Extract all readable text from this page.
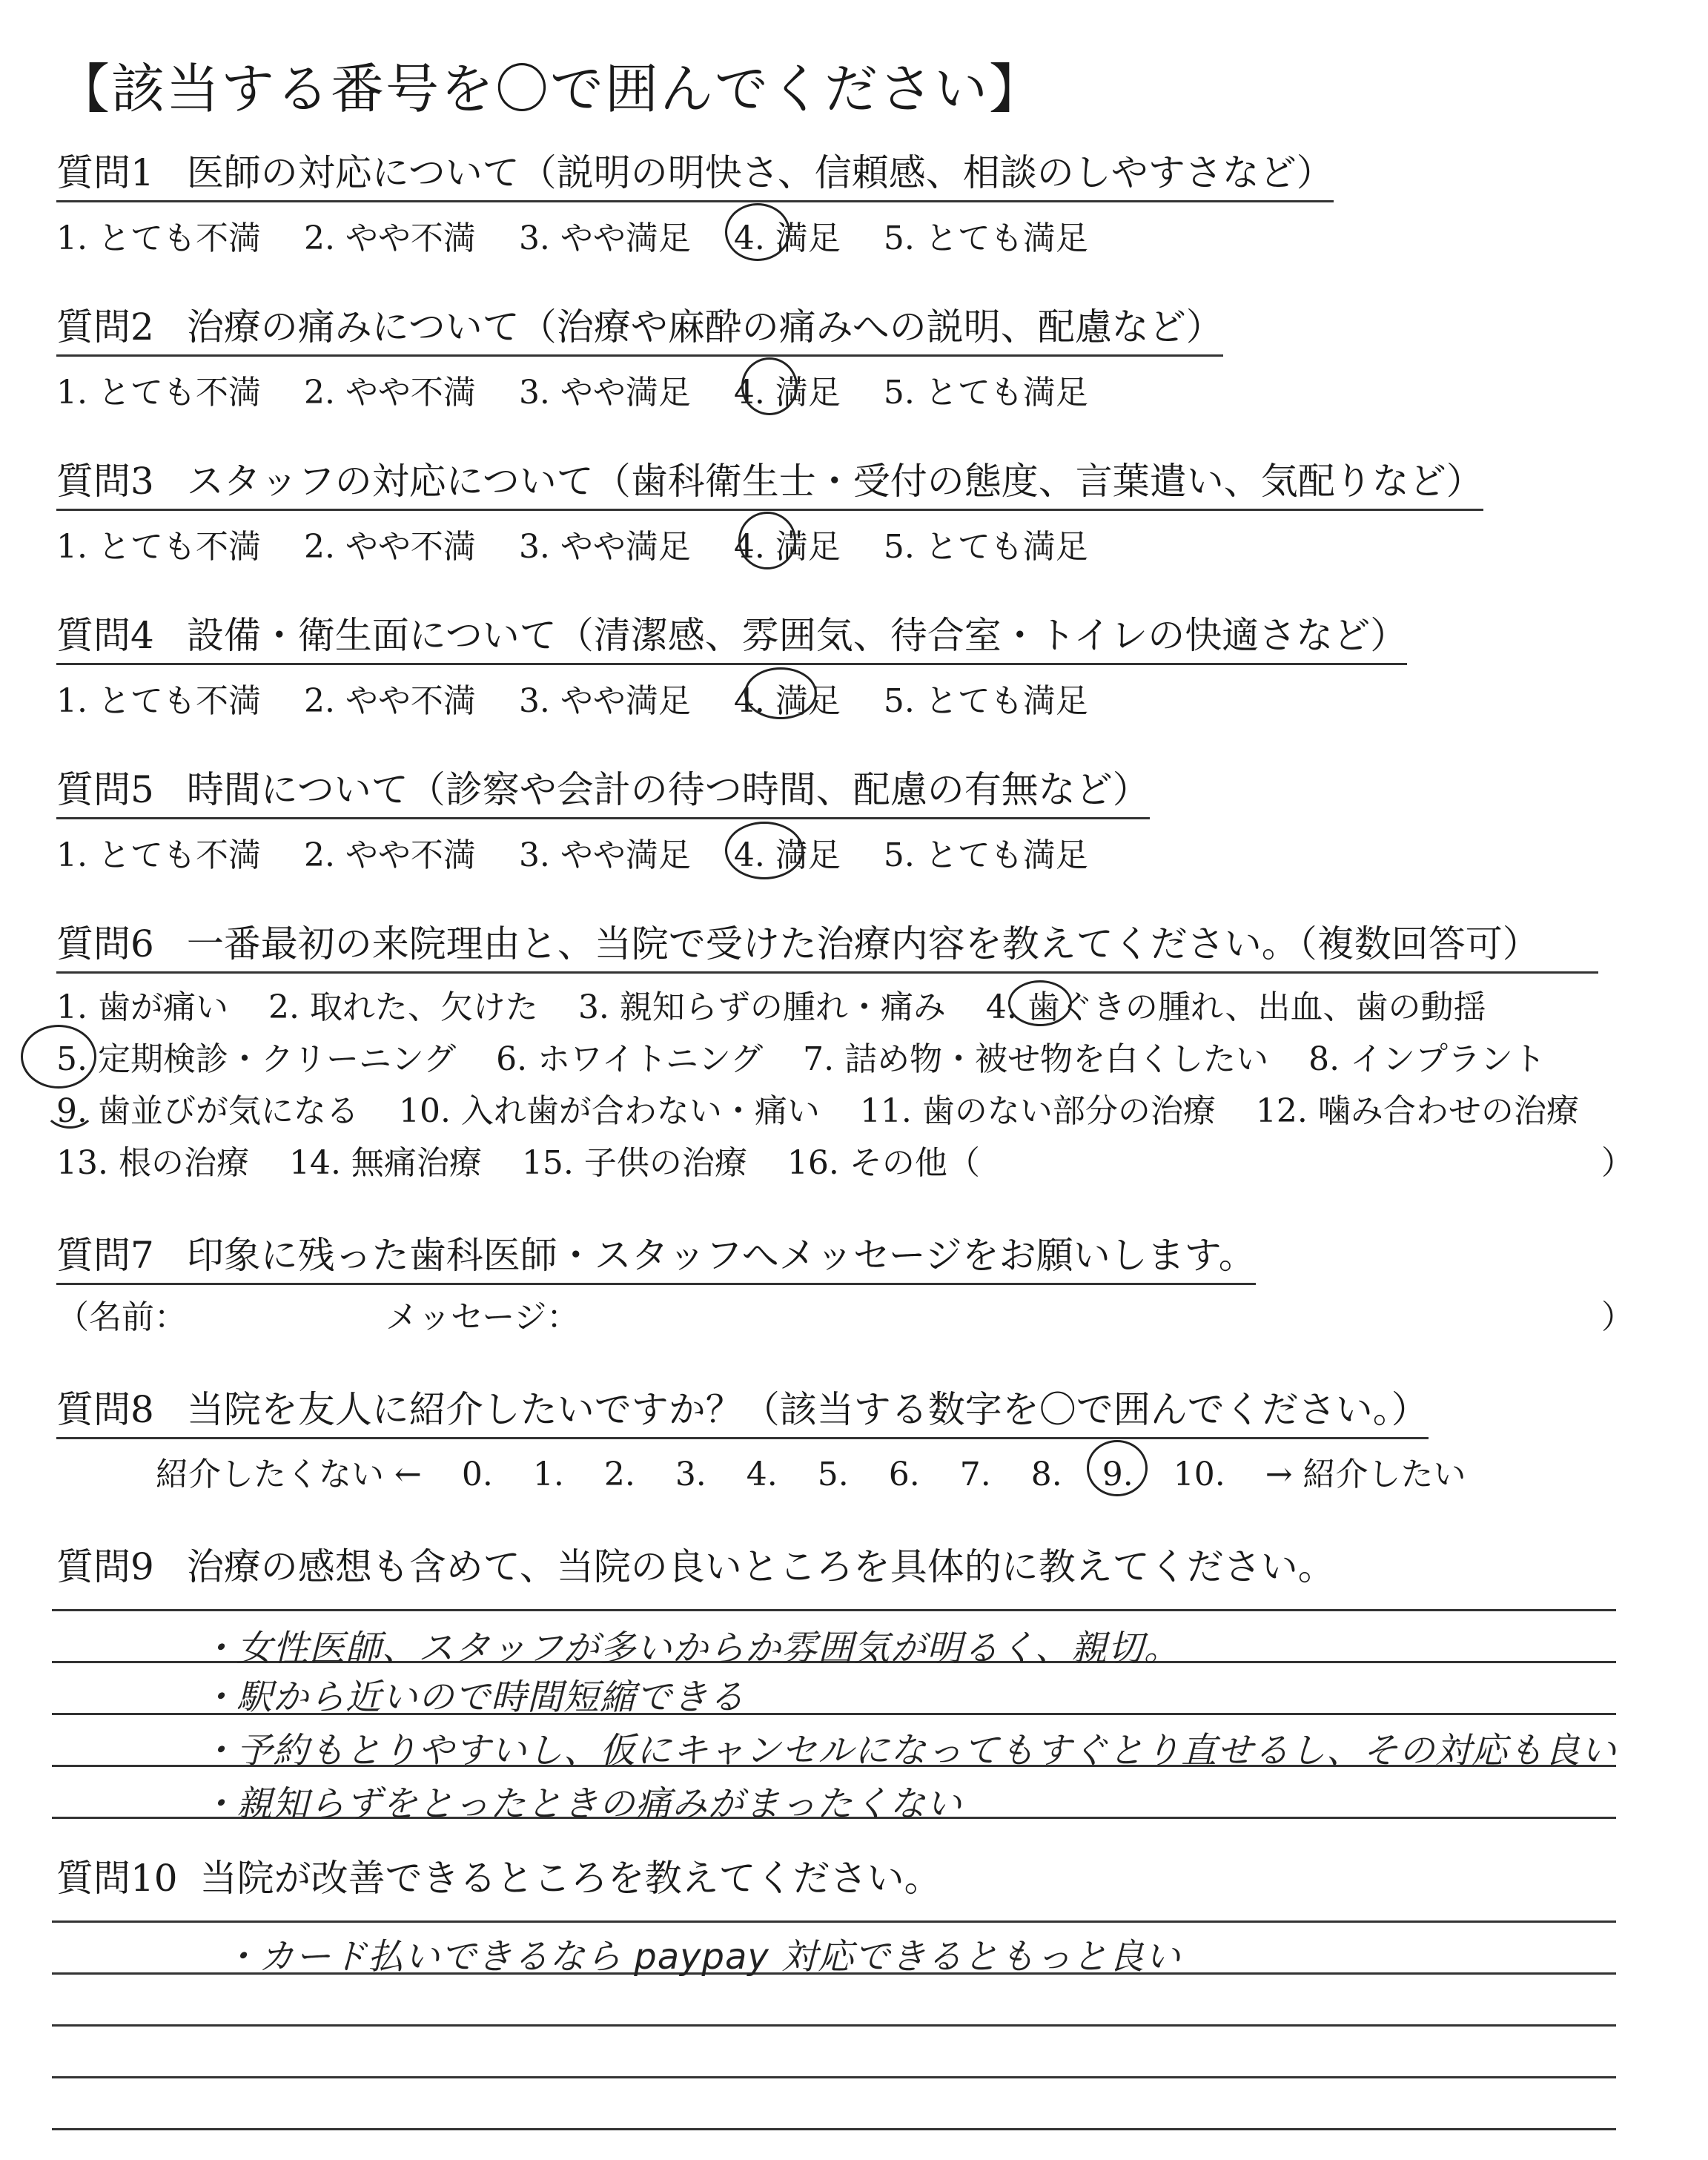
【該当する番号を〇で囲んでください】
質問1 医師の対応について（説明の明快さ、信頼感、相談のしやすさなど）
1. とても不満 2. やや不満 3. やや満足 4. 満足 5. とても満足
質問2 治療の痛みについて（治療や麻酔の痛みへの説明、配慮など）
1. とても不満 2. やや不満 3. やや満足 4. 満足 5. とても満足
質問3 スタッフの対応について（歯科衛生士・受付の態度、言葉遣い、気配りなど）
1. とても不満 2. やや不満 3. やや満足 4. 満足 5. とても満足
質問4 設備・衛生面について（清潔感、雰囲気、待合室・トイレの快適さなど）
1. とても不満 2. やや不満 3. やや満足 4. 満足 5. とても満足
質問5 時間について（診察や会計の待つ時間、配慮の有無など）
1. とても不満 2. やや不満 3. やや満足 4. 満足 5. とても満足
質問6 一番最初の来院理由と、当院で受けた治療内容を教えてください。（複数回答可）
1. 歯が痛い 2. 取れた、欠けた 3. 親知らずの腫れ・痛み 4. 歯ぐきの腫れ、出血、歯の動揺
5. 定期検診・クリーニング 6. ホワイトニング 7. 詰め物・被せ物を白くしたい 8. インプラント
9. 歯並びが気になる 10. 入れ歯が合わない・痛い 11. 歯のない部分の治療 12. 噛み合わせの治療
13. 根の治療 14. 無痛治療 15. 子供の治療 16. その他（	）
質問7 印象に残った歯科医師・スタッフへメッセージをお願いします。
（名前：	メッセージ：	）
質問8 当院を友人に紹介したいですか？（該当する数字を〇で囲んでください。）
紹介したくない ← 0. 1. 2. 3. 4. 5. 6. 7. 8. 9. 10. → 紹介したい
質問9 治療の感想も含めて、当院の良いところを具体的に教えてください。
・女性医師、スタッフが多いからか雰囲気が明るく、親切。
・駅から近いので時間短縮できる
・予約もとりやすいし、仮にキャンセルになってもすぐとり直せるし、その対応も良い
・親知らずをとったときの痛みがまったくない
質問10 当院が改善できるところを教えてください。
・カード払いできるなら paypay 対応できるともっと良い
